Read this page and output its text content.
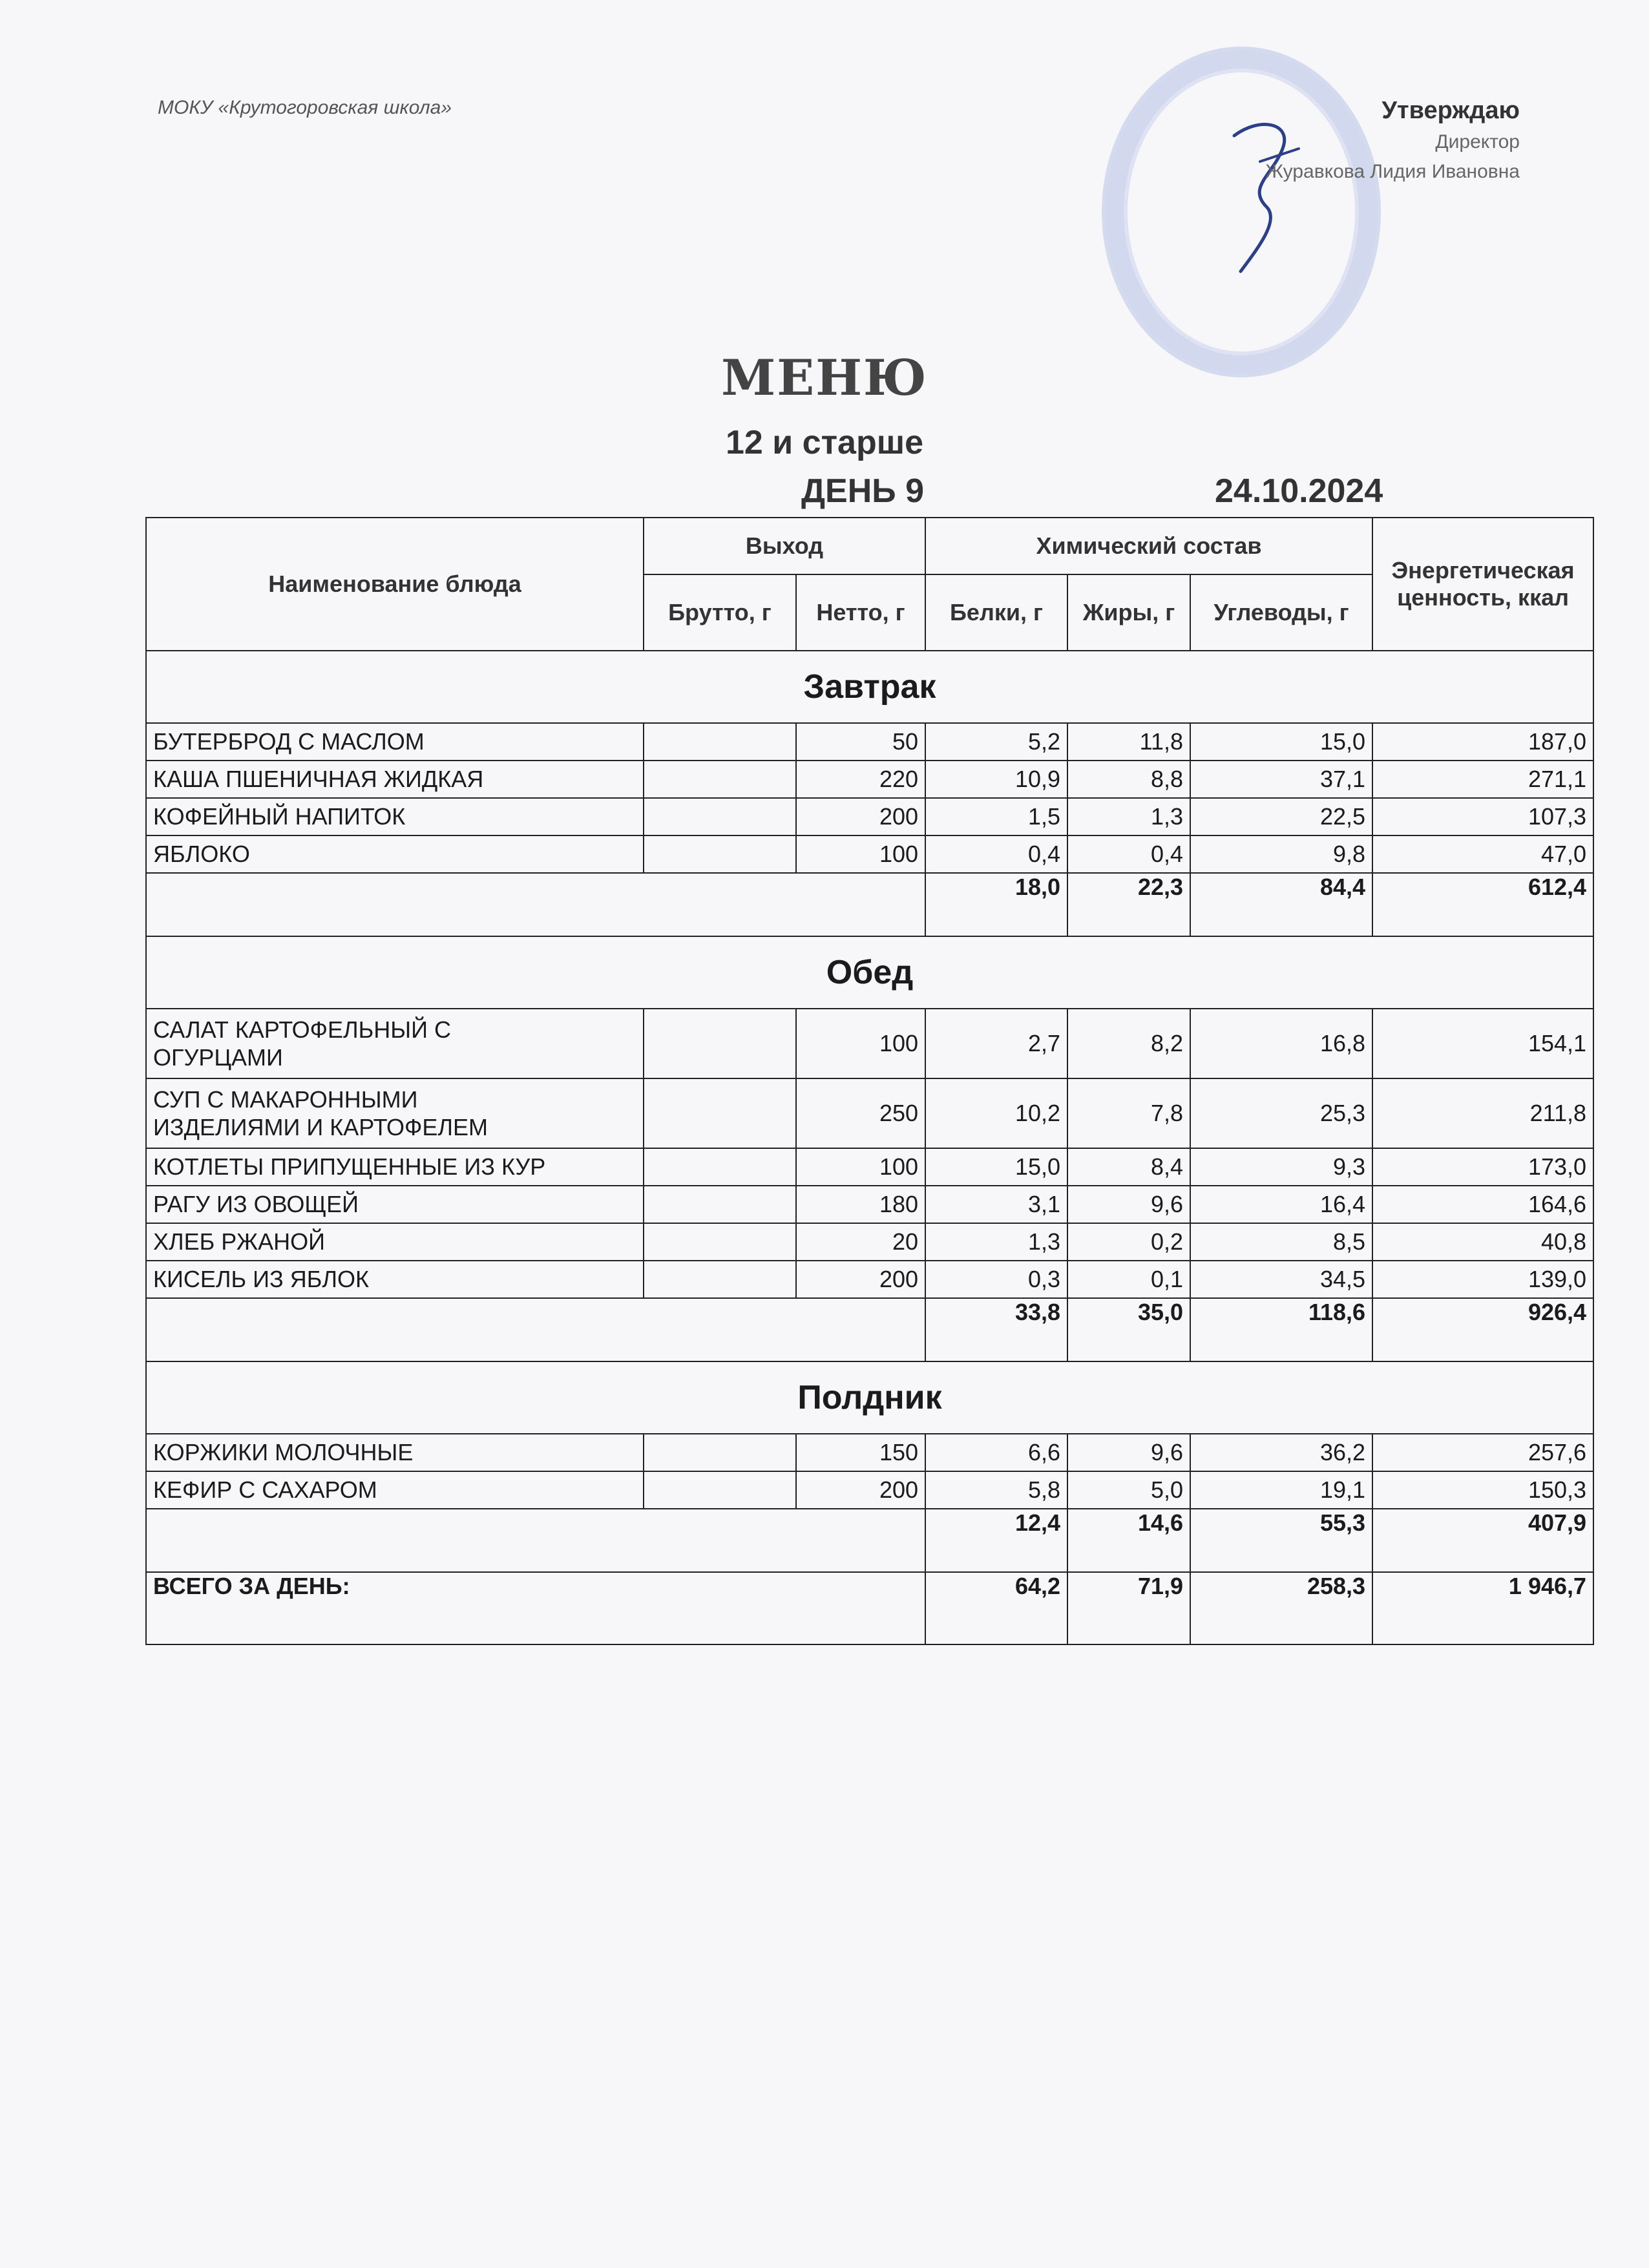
МОКУ «Крутогоровская школа»	Утверждаю
Директор
Журавкова Лидия Ивановна
МЕНЮ
12 и старше
ДЕНЬ 9	24.10.2024
Наименование блюда	Выход		Химический состав			Энергетическая ценность, ккал
	Брутто, г	Нетто, г	Белки, г	Жиры, г	Углеводы, г	
Завтрак						
БУТЕРБРОД С МАСЛОМ		50	5,2	11,8	15,0	187,0
КАША ПШЕНИЧНАЯ ЖИДКАЯ		220	10,9	8,8	37,1	271,1
КОФЕЙНЫЙ НАПИТОК		200	1,5	1,3	22,5	107,3
ЯБЛОКО		100	0,4	0,4	9,8	47,0
			18,0	22,3	84,4	612,4
Обед						

САЛАТ КАРТОФЕЛЬНЫЙ С
ОГУРЦАМИ		100	2,7	8,2	16,8	154,1

СУП С МАКАРОННЫМИ
ИЗДЕЛИЯМИ И КАРТОФЕЛЕМ		250	10,2	7,8	25,3	211,8
КОТЛЕТЫ ПРИПУЩЕННЫЕ ИЗ КУР		100	15,0	8,4	9,3	173,0
РАГУ ИЗ ОВОЩЕЙ		180	3,1	9,6	16,4	164,6
ХЛЕБ РЖАНОЙ		20	1,3	0,2	8,5	40,8
КИСЕЛЬ ИЗ ЯБЛОК		200	0,3	0,1	34,5	139,0
			33,8	35,0	118,6	926,4
Полдник						
КОРЖИКИ МОЛОЧНЫЕ		150	6,6	9,6	36,2	257,6
КЕФИР С САХАРОМ		200	5,8	5,0	19,1	150,3
			12,4	14,6	55,3	407,9
ВСЕГО ЗА ДЕНЬ:			64,2	71,9	258,3	1 946,7
